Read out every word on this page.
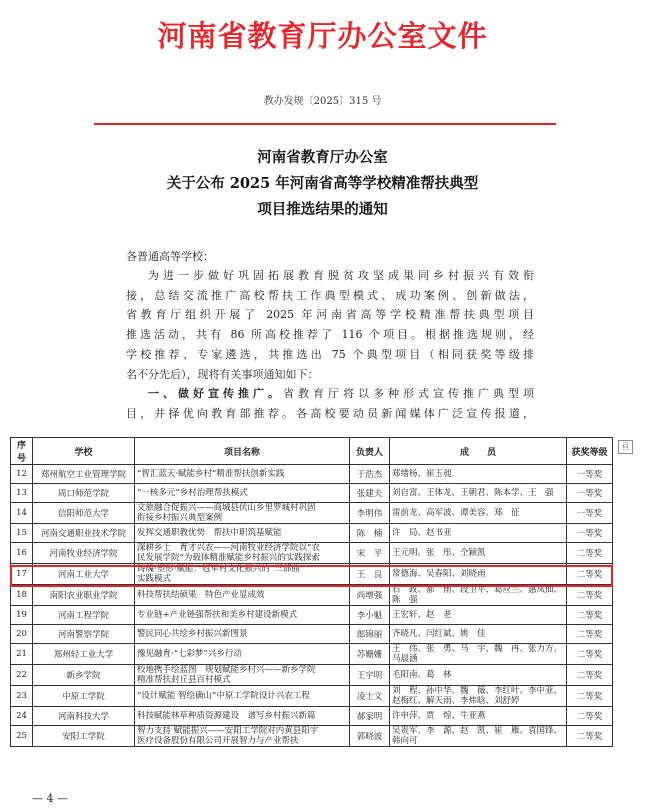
河南省教育厅办公室文件
教办发规〔2025〕315 号
河南省教育厅办公室
关于公布 2025 年河南省高等学校精准帮扶典型
项目推选结果的通知
各普通高等学校：
为进一步做好巩固拓展教育脱贫攻坚成果同乡村振兴有效衔
接，总结交流推广高校帮扶工作典型模式、成功案例、创新做法，
省教育厅组织开展了 2025 年河南省高等学校精准帮扶典型项目
推选活动，共有 86 所高校推荐了 116 个项目。根据推选规则，经
学校推荐、专家遴选，共推选出 75 个典型项目（相同获奖等级排
名不分先后），现将有关事项通知如下：
一、做好宣传推广。省教育厅将以多种形式宣传推广典型项
目，并择优向教育部推荐。各高校要动员新闻媒体广泛宣传报道，
序号	学校	项目名称	负责人	成　　员	获奖等级
12	郑州航空工业管理学院	“智汇蓝天·赋能乡村”精准帮扶创新实践	于浩杰	郑绪杨、崔玉昶	一等奖
13	周口师范学院	“一核多元”乡村治理帮扶模式	张建夫	刘自富、王体龙、王朝君、陈本学、王　强	一等奖
14	信阳师范大学	文旅融合促振兴——商城县伏山乡里罗城村巩固
衔接乡村振兴典型案例	李明伟	雷前龙、高军波、谭美容、郑　征	一等奖
15	河南交通职业技术学院	发挥交通职教优势　帮扶中职筑基赋能	陈　楠	许　局、赵书亚	一等奖
16	河南牧业经济学院	深耕乡土　育才兴农——河南牧业经济学院以“农
民发展学院”为载体精准赋能乡村振兴的实践探索	宋　平	王元明、张　彤、仝颖凯	二等奖
17	河南工业大学	铸魂·塑形·赋能：冠军村文化振兴的“三部曲”
实践模式	王　良	常德海、吴春阳、刘晓雨	二等奖
18	南阳农业职业学院	科技帮扶结硕果　特色产业显成效	尚增强	石　政、郝　雨、段卫平、葛应兰、惠凤仙、
陈　强	二等奖
19	河南工程学院	专业链+产业链强帮扶和美乡村建设新模式	李小魁	王宏轩、赵　老	二等奖
20	河南警察学院	警民同心共绘乡村振兴新图景	郎锦丽	齐晓凡、闫红斌、姚　佳	二等奖
21	郑州轻工业大学	豫见融育·“七彩梦”兴乡行动	苏姗姗	王　伟、张　勇、马　宇、魏　冉、张力方、
马晨涵	二等奖
22	新乡学院	校地携手绘蓝图　规划赋能乡村兴——新乡学院
精准帮扶封丘县百村模式	王宇明	毛阳南、葛　林	二等奖
23	中原工学院	“设计赋能 智绘确山”中原工学院设计兴农工程	凌士文	刘　程、孙中华、魏　薇、李红叶、李中亚、
赵梅红、解天雨、李炜晗、刘舒婷	二等奖
24	河南科技大学	科技赋能林草种质资源建设　谱写乡村振兴新篇	郝家明	许申萍、贾　煌、牛亚燕	二等奖
25	安阳工学院	智力支持 赋能振兴——安阳工学院对内黄县阳宇
医疗设备股份有限公司开展智力与产业帮扶	郭晓波	吴贵军、李　源、赵　凯、崔　雁、袁国锋、
韩向可	二等奖
亘
— 4 —
